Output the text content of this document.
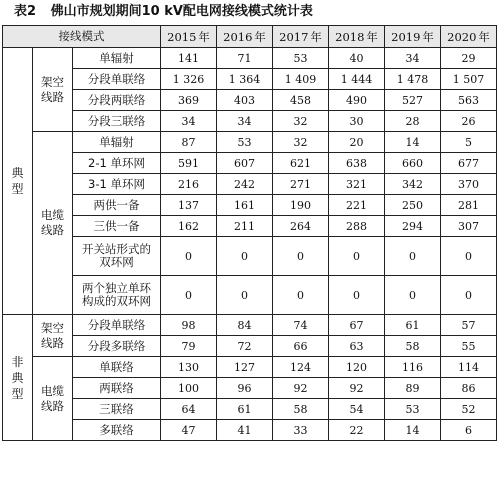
表2 佛山市规划期间10 kV配电网接线模式统计表
接线模式			2015 年	2016 年	2017 年	2018 年	2019 年	2020 年

典
型	架空
线路	单辐射	141	71	53	40	34	29

		分段单联络	1 326	1 364	1 409	1 444	1 478	1 507

		分段两联络	369	403	458	490	527	563

		分段三联络	34	34	32	30	28	26

	电缆
线路	单辐射	87	53	32	20	14	5

		2-1 单环网	591	607	621	638	660	677

		3-1 单环网	216	242	271	321	342	370

		两供一备	137	161	190	221	250	281

		三供一备	162	211	264	288	294	307

		开关站形式的
双环网	0	0	0	0	0	0

		两个独立单环
构成的双环网	0	0	0	0	0	0

非
典
型	架空
线路	分段单联络	98	84	74	67	61	57

		分段多联络	79	72	66	63	58	55

	电缆
线路	单联络	130	127	124	120	116	114

		两联络	100	96	92	92	89	86

		三联络	64	61	58	54	53	52

		多联络	47	41	33	22	14	6
